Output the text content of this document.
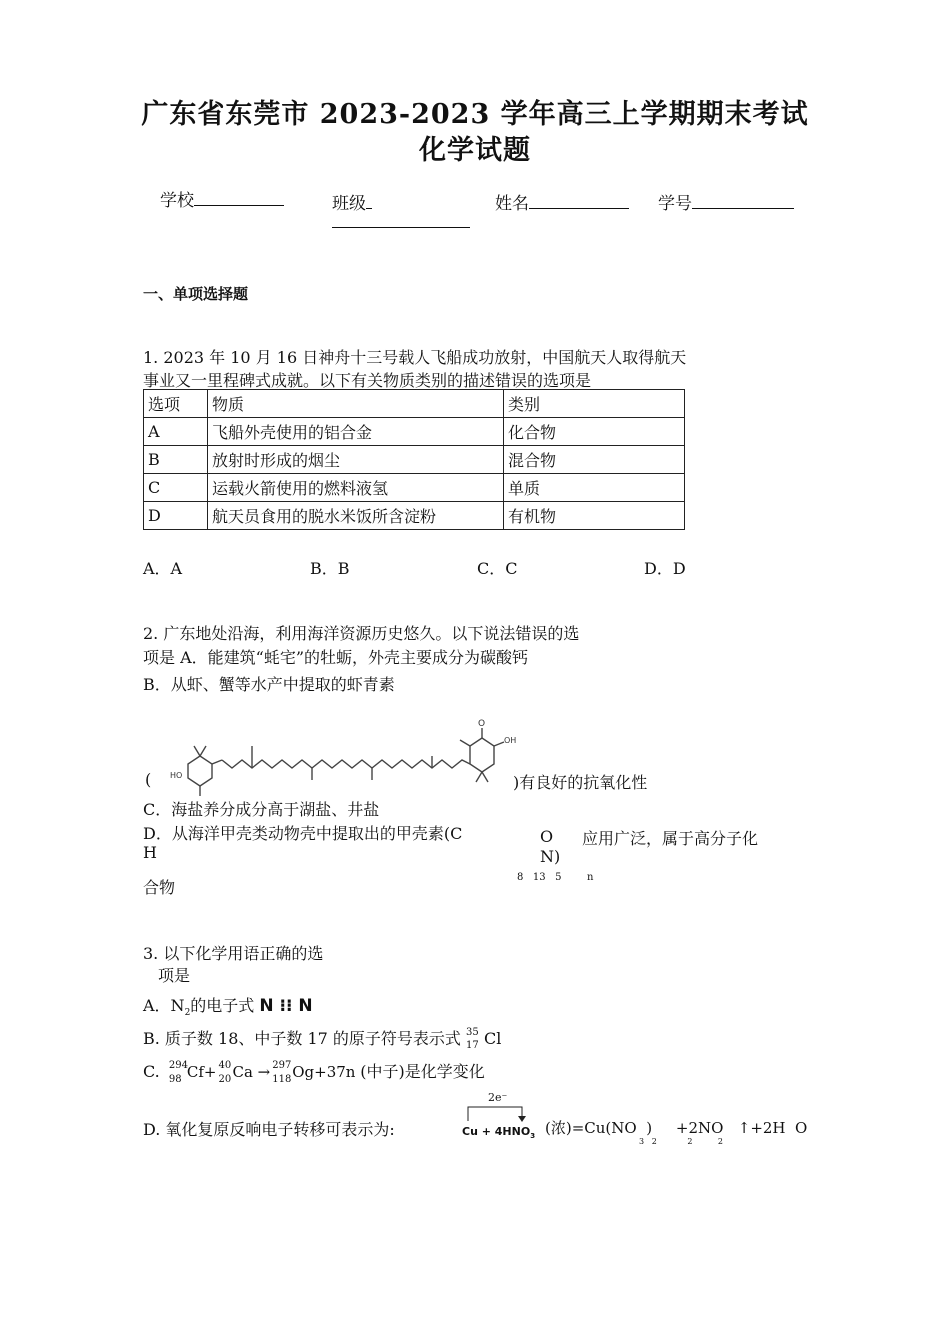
广东省东莞市 2023-2023 学年高三上学期期末考试
化学试题
学校	班级	姓名	学号
一、单项选择题
1. 2023 年 10 月 16 日神舟十三号载人飞船成功放射，中国航天人取得航天
事业又一里程碑式成就。以下有关物质类别的描述错误的选项是
选项	物质	类别
A	飞船外壳使用的铝合金	化合物
B	放射时形成的烟尘	混合物
C	运载火箭使用的燃料液氢	单质
D	航天员食用的脱水米饭所含淀粉	有机物
A．A	B．B	C．C	D．D
2. 广东地处沿海，利用海洋资源历史悠久。以下说法错误的选
项是 A．能建筑“蚝宅”的牡蛎，外壳主要成分为碳酸钙
B．从虾、蟹等水产中提取的虾青素
( HO
OH
O
)有良好的抗氧化性
C．海盐养分成分高于湖盐、井盐
D．从海洋甲壳类动物壳中提取出的甲壳素(C
H
O
N)
应用广泛，属于高分子化
8   13   5        n
合物
3. 以下化学用语正确的选
项是
A．$N_2$的电子式 N ⁝⁝ N
B. 质子数 18、中子数 17 的原子符号表示式 35
17 Cl
C. 294
98 Cf+ 40
20 Ca → 297
118 Og+37n (中子)是化学变化
D. 氧化复原反响电子转移可表示为:
2e⁻
$Cu + 4HNO_3$ (浓)=Cu(NO  )     +2NO   ↑+2H  O
3   2            2          2
